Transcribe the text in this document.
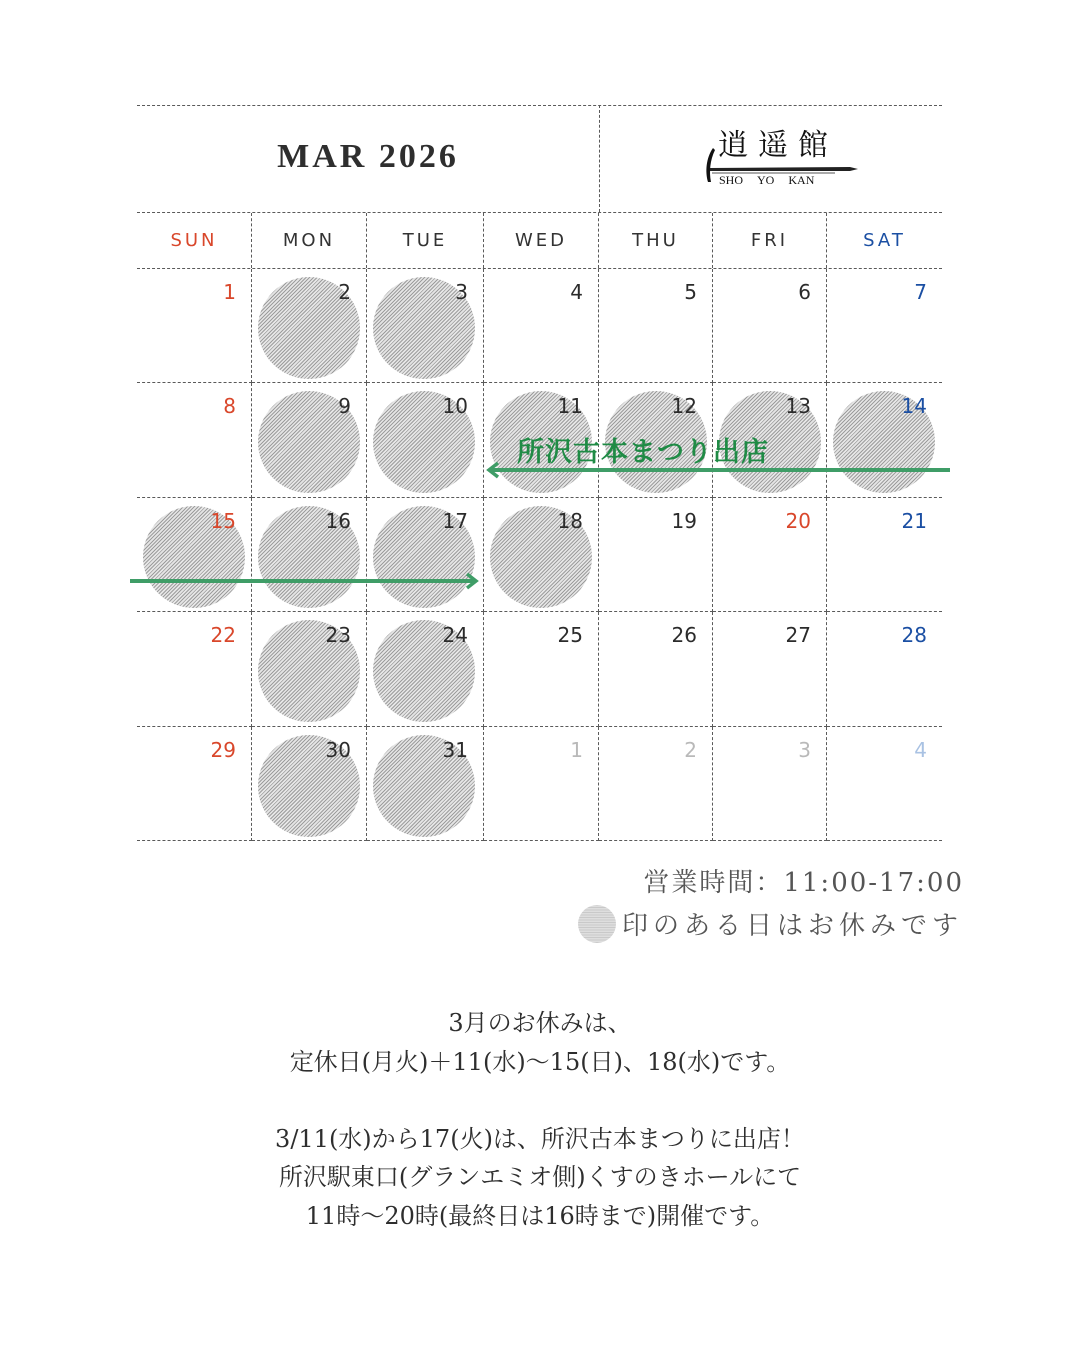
MAR 2026	逍遥館
SHO YO KAN
SUN	MON	TUE	WED	THU	FRI	SAT
1	2	3	4	5	6	7
8	9	10	11	12	13	14
15	16	17	18	19	20	21
22	23	24	25	26	27	28
29	30	31	1	2	3	4
所沢古本まつり出店
営業時間：11:00-17:00
印のある日はお休みです
3月のお休みは、
定休日(月火)＋11(水)～15(日)、18(水)です。
3/11(水)から17(火)は、所沢古本まつりに出店！
所沢駅東口(グランエミオ側)くすのきホールにて
11時～20時(最終日は16時まで)開催です。
